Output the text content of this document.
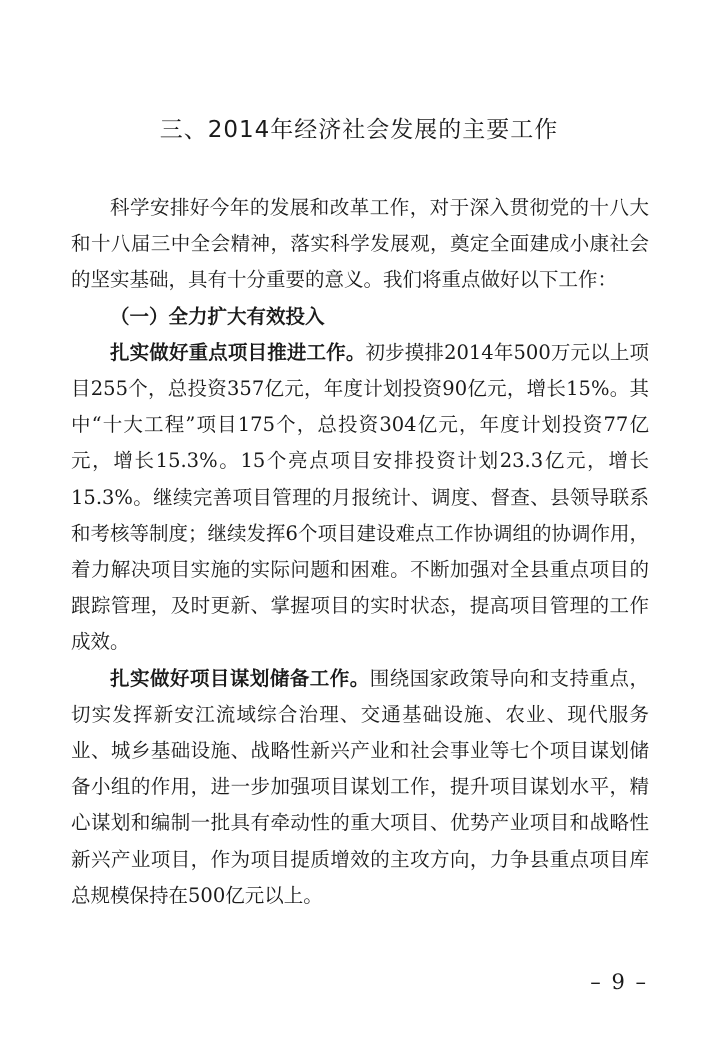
三、2014年经济社会发展的主要工作

科学安排好今年的发展和改革工作，对于深入贯彻党的十八大和十八届三中全会精神，落实科学发展观，奠定全面建成小康社会的坚实基础，具有十分重要的意义。我们将重点做好以下工作：

（一）全力扩大有效投入

扎实做好重点项目推进工作。初步摸排2014年500万元以上项目255个，总投资357亿元，年度计划投资90亿元，增长15%。其中“十大工程”项目175个，总投资304亿元，年度计划投资77亿元，增长15.3%。15个亮点项目安排投资计划23.3亿元，增长15.3%。继续完善项目管理的月报统计、调度、督查、县领导联系和考核等制度；继续发挥6个项目建设难点工作协调组的协调作用，着力解决项目实施的实际问题和困难。不断加强对全县重点项目的跟踪管理，及时更新、掌握项目的实时状态，提高项目管理的工作成效。

扎实做好项目谋划储备工作。围绕国家政策导向和支持重点，切实发挥新安江流域综合治理、交通基础设施、农业、现代服务业、城乡基础设施、战略性新兴产业和社会事业等七个项目谋划储备小组的作用，进一步加强项目谋划工作，提升项目谋划水平，精心谋划和编制一批具有牵动性的重大项目、优势产业项目和战略性新兴产业项目，作为项目提质增效的主攻方向，力争县重点项目库总规模保持在500亿元以上。

– 9 –
